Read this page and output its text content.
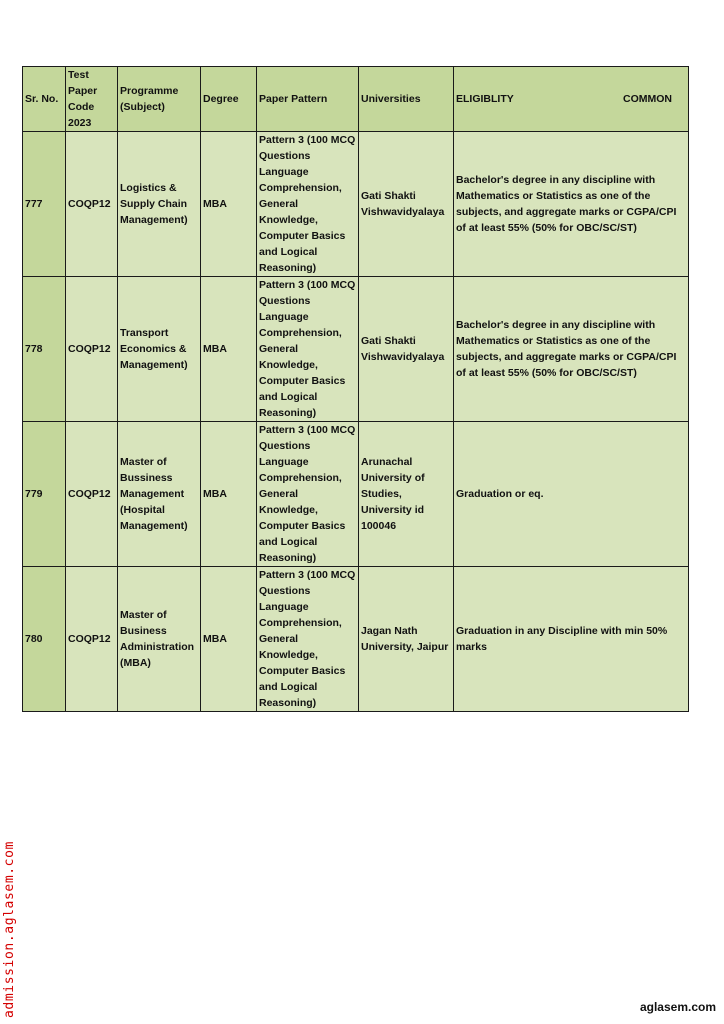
Sr. No.	Test Paper Code 2023	Programme (Subject)	Degree	Paper Pattern	Universities	ELIGIBLITY COMMON

777	COQP12	Logistics & Supply Chain Management)	MBA	Pattern 3 (100 MCQ Questions Language Comprehension, General Knowledge, Computer Basics and Logical Reasoning)	Gati Shakti Vishwavidyalaya	Bachelor's degree in any discipline with Mathematics or Statistics as one of the subjects, and aggregate marks or CGPA/CPI of at least 55% (50% for OBC/SC/ST)
778	COQP12	Transport Economics & Management)	MBA	Pattern 3 (100 MCQ Questions Language Comprehension, General Knowledge, Computer Basics and Logical Reasoning)	Gati Shakti Vishwavidyalaya	Bachelor's degree in any discipline with Mathematics or Statistics as one of the subjects, and aggregate marks or CGPA/CPI of at least 55% (50% for OBC/SC/ST)
779	COQP12	Master of Bussiness Management (Hospital Management)	MBA	Pattern 3 (100 MCQ Questions Language Comprehension, General Knowledge, Computer Basics and Logical Reasoning)	Arunachal University of Studies, University id 100046	Graduation or eq.
780	COQP12	Master of Business Administration (MBA)	MBA	Pattern 3 (100 MCQ Questions Language Comprehension, General Knowledge, Computer Basics and Logical Reasoning)	Jagan Nath University, Jaipur	Graduation in any Discipline with min 50% marks
admission.aglasem.com	aglasem.com
